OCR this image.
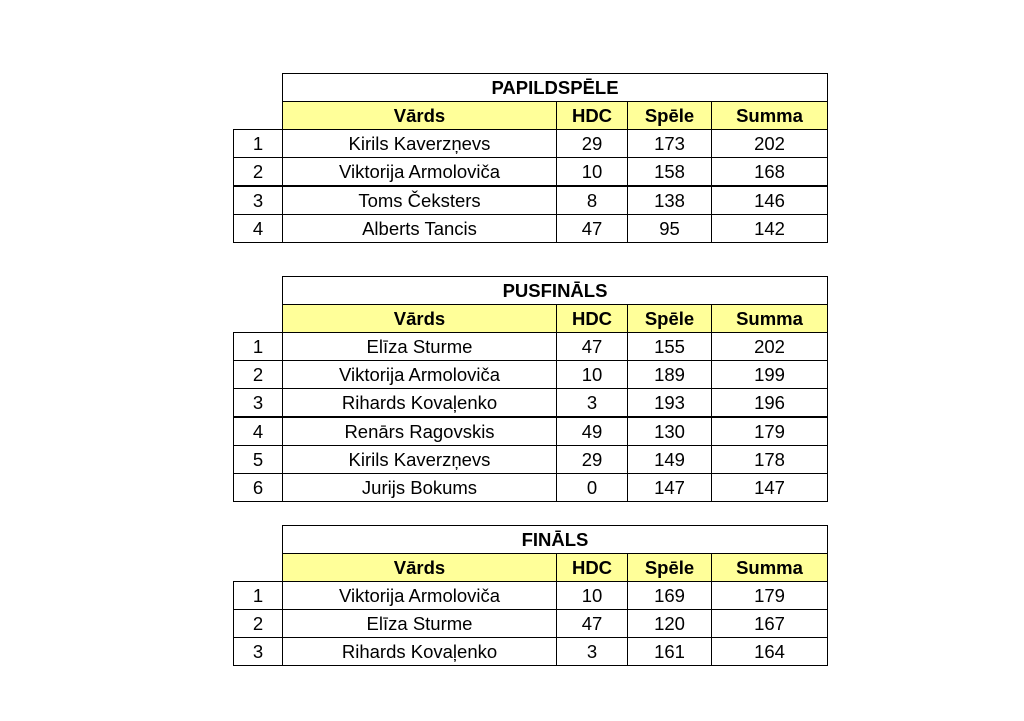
	PAPILDSPĒLE			
	Vārds	HDC	Spēle	Summa
1	Kirils Kaverzņevs	29	173	202
2	Viktorija Armoloviča	10	158	168
3	Toms Čeksters	8	138	146
4	Alberts Tancis	47	95	142
	PUSFINĀLS			
	Vārds	HDC	Spēle	Summa
1	Elīza Sturme	47	155	202
2	Viktorija Armoloviča	10	189	199
3	Rihards Kovaļenko	3	193	196
4	Renārs Ragovskis	49	130	179
5	Kirils Kaverzņevs	29	149	178
6	Jurijs Bokums	0	147	147
	FINĀLS			
	Vārds	HDC	Spēle	Summa
1	Viktorija Armoloviča	10	169	179
2	Elīza Sturme	47	120	167
3	Rihards Kovaļenko	3	161	164
